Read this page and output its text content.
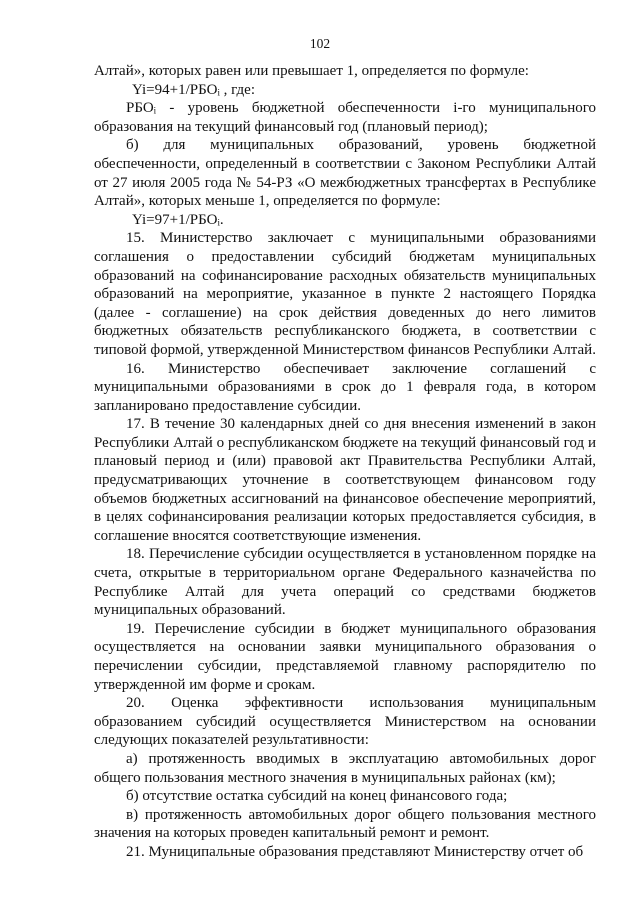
102

Алтай», которых равен или превышает 1, определяется по формуле:

Yi=94+1/РБОᵢ , где:

РБОᵢ - уровень бюджетной обеспеченности i-го муниципального образования на текущий финансовый год (плановый период);

б) для муниципальных образований, уровень бюджетной обеспеченности, определенный в соответствии с Законом Республики Алтай от 27 июля 2005 года № 54-РЗ «О межбюджетных трансфертах в Республике Алтай», которых меньше 1, определяется по формуле:

Yi=97+1/РБОᵢ.

15. Министерство заключает с муниципальными образованиями соглашения о предоставлении субсидий бюджетам муниципальных образований на софинансирование расходных обязательств муниципальных образований на мероприятие, указанное в пункте 2 настоящего Порядка (далее - соглашение) на срок действия доведенных до него лимитов бюджетных обязательств республиканского бюджета, в соответствии с типовой формой, утвержденной Министерством финансов Республики Алтай.

16. Министерство обеспечивает заключение соглашений с муниципальными образованиями в срок до 1 февраля года, в котором запланировано предоставление субсидии.

17. В течение 30 календарных дней со дня внесения изменений в закон Республики Алтай о республиканском бюджете на текущий финансовый год и плановый период и (или) правовой акт Правительства Республики Алтай, предусматривающих уточнение в соответствующем финансовом году объемов бюджетных ассигнований на финансовое обеспечение мероприятий, в целях софинансирования реализации которых предоставляется субсидия, в соглашение вносятся соответствующие изменения.

18. Перечисление субсидии осуществляется в установленном порядке на счета, открытые в территориальном органе Федерального казначейства по Республике Алтай для учета операций со средствами бюджетов муниципальных образований.

19. Перечисление субсидии в бюджет муниципального образования осуществляется на основании заявки муниципального образования о перечислении субсидии, представляемой главному распорядителю по утвержденной им форме и срокам.

20. Оценка эффективности использования муниципальным образованием субсидий осуществляется Министерством на основании следующих показателей результативности:

а) протяженность вводимых в эксплуатацию автомобильных дорог общего пользования местного значения в муниципальных районах (км);

б) отсутствие остатка субсидий на конец финансового года;

в) протяженность автомобильных дорог общего пользования местного значения на которых проведен капитальный ремонт и ремонт.

21. Муниципальные образования представляют Министерству отчет об
